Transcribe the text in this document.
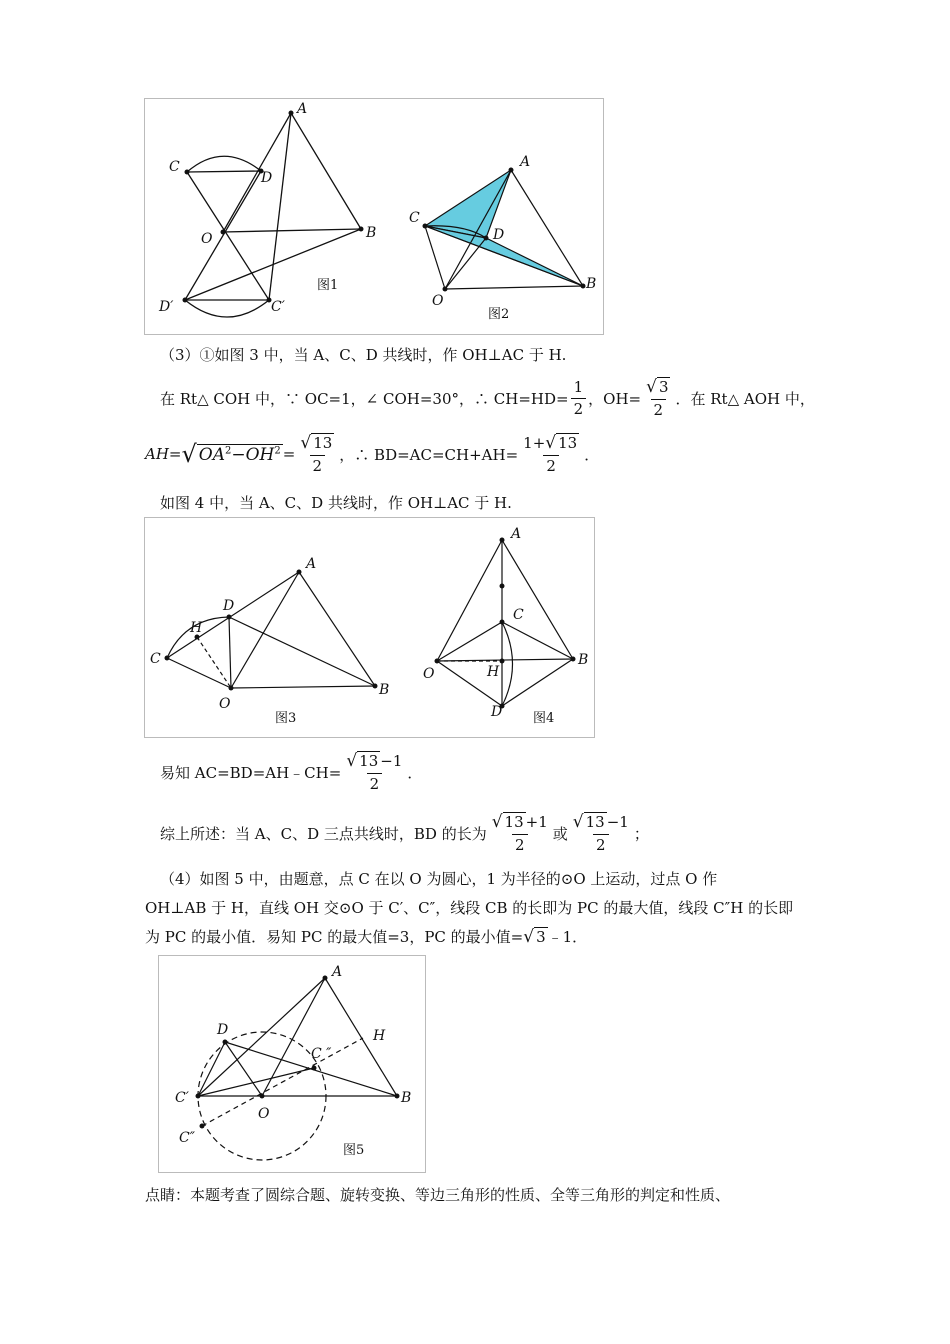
A
C
D
O	B
D′	C′
图1
A
C
D
O
B
图2
（3）①如图 3 中，当 A、C、D 共线时，作 OH⊥AC 于 H.
在 Rt△ COH 中，∵ OC=1，∠ COH=30°，∴ $CH=HD= \frac{1}{2}$ ，$OH= \frac{√ 3}{2}$ ．在 Rt△ AOH 中，
AH= √ $OA^2-OH^2 = \frac{√ 13}{2}$ ，∴ $BD=AC=CH+AH= \frac{1+√ 13}{2}$ ．
如图 4 中，当 A、C、D 共线时，作 OH⊥AC 于 H.
A
D
H
C
O
B
图3
A
C
O	H
B
D 图4
易知 AC=BD=AH﹣CH= $\frac{√ 13 -1}{2}$ ．
综上所述：当 A、C、D 三点共线时，BD 的长为 $\frac{√ 13 +1}{2}$ 或 $\frac{√ 13 -1}{2}$ ；
（4）如图 5 中，由题意，点 C 在以 O 为圆心，1 为半径的⊙O 上运动，过点 O 作
OH⊥AB 于 H，直线 OH 交⊙O 于 C′、C″，线段 CB 的长即为 PC 的最大值，线段 C″H 的长即
为 PC 的最小值．易知 PC 的最大值=3，PC 的最小值= √ 3 ﹣1．
A
D	H
C ″
C′
O
B
C″
图5
点睛：本题考查了圆综合题、旋转变换、等边三角形的性质、全等三角形的判定和性质、
